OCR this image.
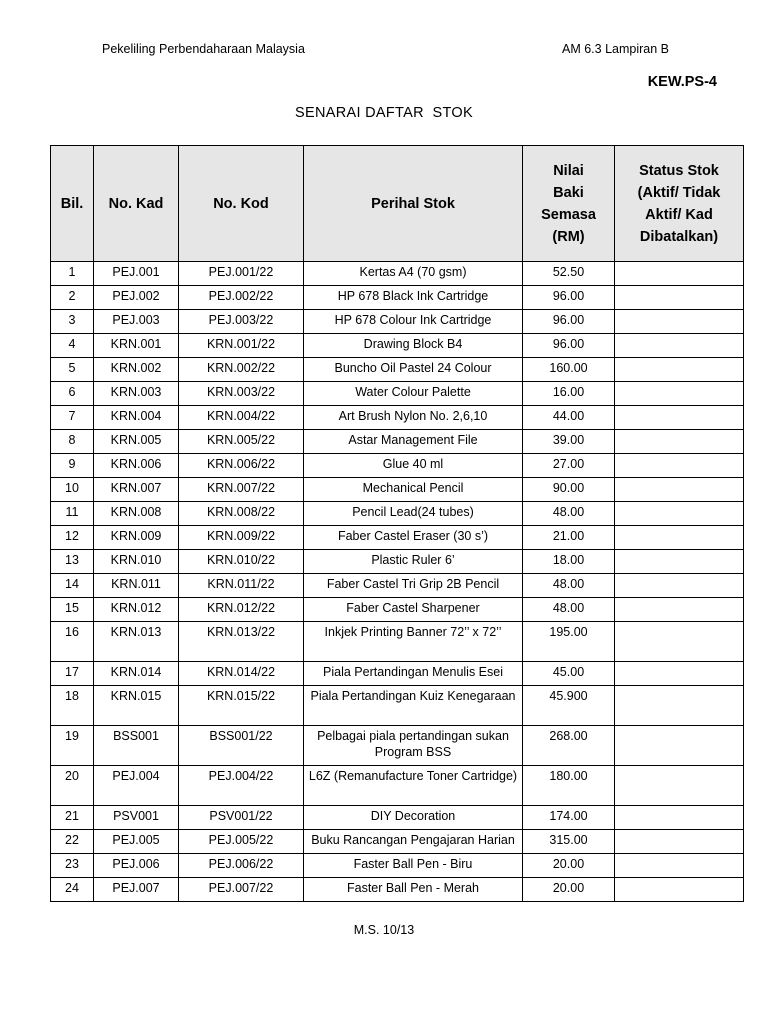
Pekeliling Perbendaharaan Malaysia	AM 6.3 Lampiran B
KEW.PS-4
SENARAI DAFTAR  STOK
Bil.	No. Kad	No. Kod	Perihal Stok	Nilai Baki Semasa (RM)	Status Stok (Aktif/ Tidak Aktif/ Kad Dibatalkan)
1	PEJ.001	PEJ.001/22	Kertas A4 (70 gsm)	52.50	
2	PEJ.002	PEJ.002/22	HP 678 Black Ink Cartridge	96.00	
3	PEJ.003	PEJ.003/22	HP 678 Colour Ink Cartridge	96.00	
4	KRN.001	KRN.001/22	Drawing Block B4	96.00	
5	KRN.002	KRN.002/22	Buncho Oil Pastel 24 Colour	160.00	
6	KRN.003	KRN.003/22	Water Colour Palette	16.00	
7	KRN.004	KRN.004/22	Art Brush Nylon No. 2,6,10	44.00	
8	KRN.005	KRN.005/22	Astar Management File	39.00	
9	KRN.006	KRN.006/22	Glue 40 ml	27.00	
10	KRN.007	KRN.007/22	Mechanical Pencil	90.00	
11	KRN.008	KRN.008/22	Pencil Lead(24 tubes)	48.00	
12	KRN.009	KRN.009/22	Faber Castel Eraser (30 s’)	21.00	
13	KRN.010	KRN.010/22	Plastic Ruler 6’	18.00	
14	KRN.011	KRN.011/22	Faber Castel Tri Grip 2B Pencil	48.00	
15	KRN.012	KRN.012/22	Faber Castel Sharpener	48.00	
16	KRN.013	KRN.013/22	Inkjek Printing Banner 72’’ x 72’’	195.00	
17	KRN.014	KRN.014/22	Piala Pertandingan Menulis Esei	45.00	
18	KRN.015	KRN.015/22	Piala Pertandingan Kuiz Kenegaraan	45.900	
19	BSS001	BSS001/22	Pelbagai piala pertandingan sukan Program BSS	268.00	
20	PEJ.004	PEJ.004/22	L6Z (Remanufacture Toner Cartridge)	180.00	
21	PSV001	PSV001/22	DIY Decoration	174.00	
22	PEJ.005	PEJ.005/22	Buku Rancangan Pengajaran Harian	315.00	
23	PEJ.006	PEJ.006/22	Faster Ball Pen - Biru	20.00	
24	PEJ.007	PEJ.007/22	Faster Ball Pen - Merah	20.00	
M.S. 10/13
